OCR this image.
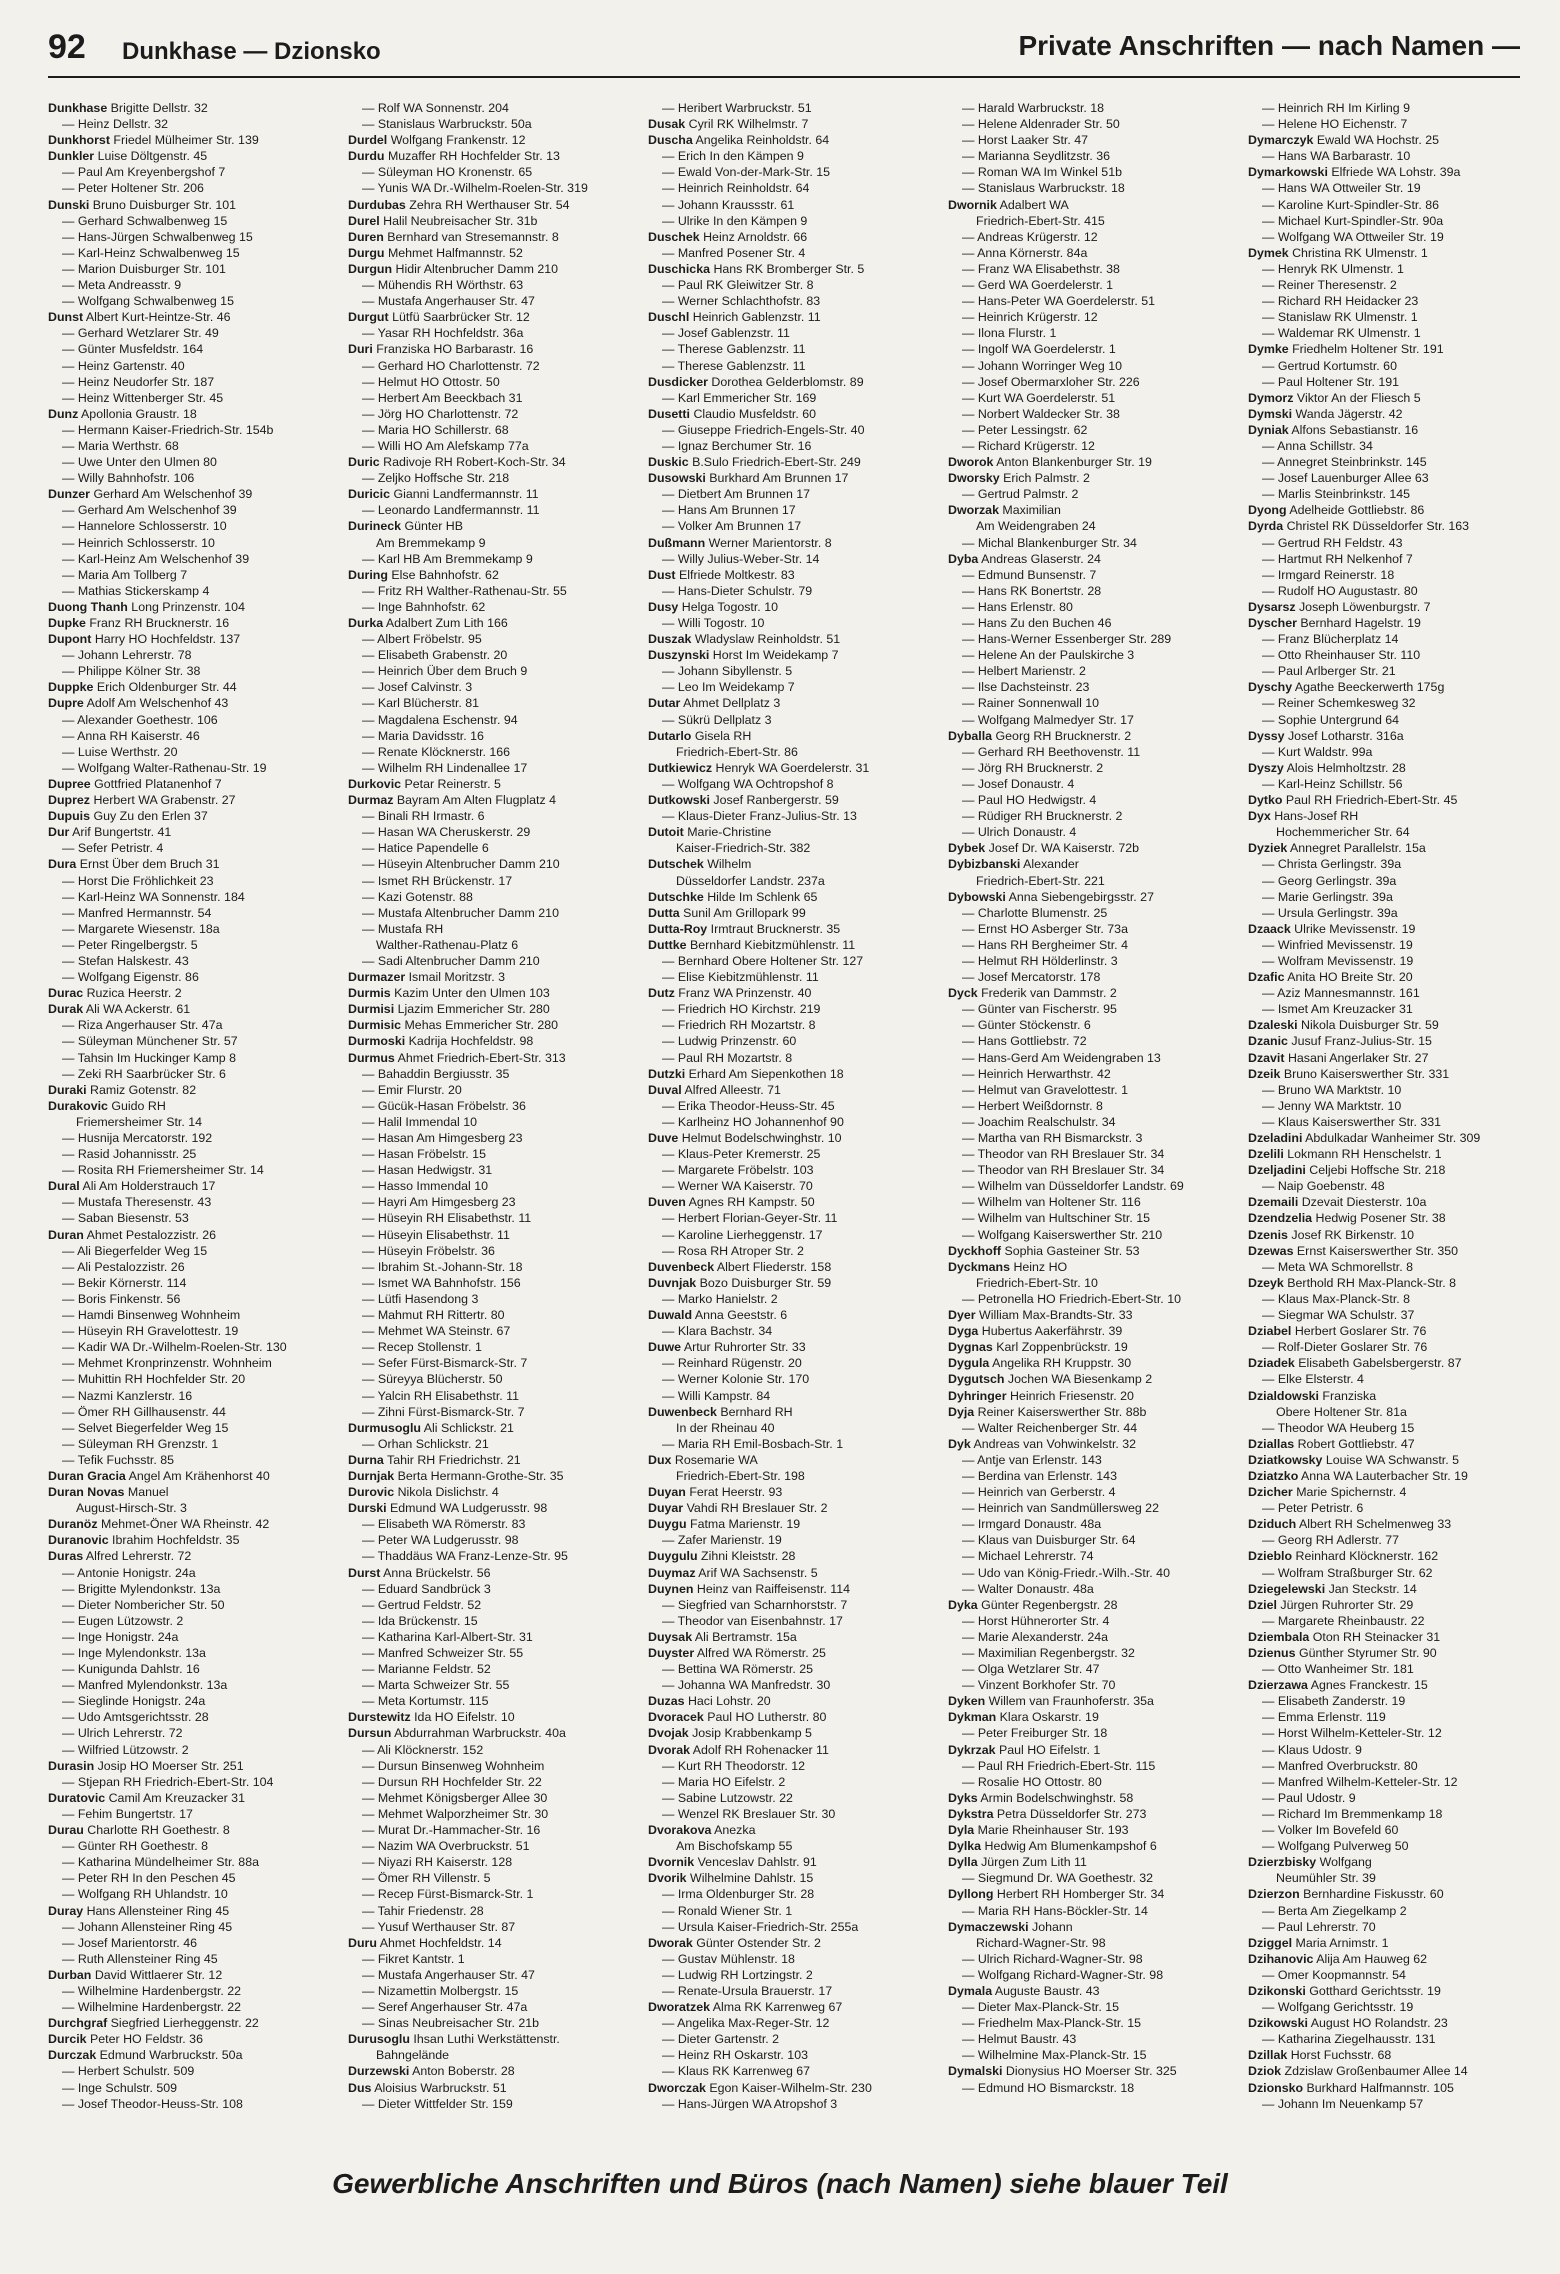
92 Dunkhase — Dzionsko	Private Anschriften — nach Namen —
Dunkhase Brigitte Dellstr. 32
— Heinz Dellstr. 32
Dunkhorst Friedel Mülheimer Str. 139
Dunkler Luise Döltgenstr. 45
— Paul Am Kreyenbergshof 7
— Peter Holtener Str. 206
Dunski Bruno Duisburger Str. 101
— Gerhard Schwalbenweg 15
— Hans-Jürgen Schwalbenweg 15
— Karl-Heinz Schwalbenweg 15
— Marion Duisburger Str. 101
— Meta Andreasstr. 9
— Wolfgang Schwalbenweg 15
Dunst Albert Kurt-Heintze-Str. 46
— Gerhard Wetzlarer Str. 49
— Günter Musfeldstr. 164
— Heinz Gartenstr. 40
— Heinz Neudorfer Str. 187
— Heinz Wittenberger Str. 45
Dunz Apollonia Graustr. 18
— Hermann Kaiser-Friedrich-Str. 154b
— Maria Werthstr. 68
— Uwe Unter den Ulmen 80
— Willy Bahnhofstr. 106
Dunzer Gerhard Am Welschenhof 39
— Gerhard Am Welschenhof 39
— Hannelore Schlosserstr. 10
— Heinrich Schlosserstr. 10
— Karl-Heinz Am Welschenhof 39
— Maria Am Tollberg 7
— Mathias Stickerskamp 4
Duong Thanh Long Prinzenstr. 104
Dupke Franz RH Brucknerstr. 16
Dupont Harry HO Hochfeldstr. 137
— Johann Lehrerstr. 78
— Philippe Kölner Str. 38
Duppke Erich Oldenburger Str. 44
Dupre Adolf Am Welschenhof 43
— Alexander Goethestr. 106
— Anna RH Kaiserstr. 46
— Luise Werthstr. 20
— Wolfgang Walter-Rathenau-Str. 19
Dupree Gottfried Platanenhof 7
Duprez Herbert WA Grabenstr. 27
Dupuis Guy Zu den Erlen 37
Dur Arif Bungertstr. 41
— Sefer Petristr. 4
Dura Ernst Über dem Bruch 31
— Horst Die Fröhlichkeit 23
— Karl-Heinz WA Sonnenstr. 184
— Manfred Hermannstr. 54
— Margarete Wiesenstr. 18a
— Peter Ringelbergstr. 5
— Stefan Halskestr. 43
— Wolfgang Eigenstr. 86
Durac Ruzica Heerstr. 2
Durak Ali WA Ackerstr. 61
— Riza Angerhauser Str. 47a
— Süleyman Münchener Str. 57
— Tahsin Im Huckinger Kamp 8
— Zeki RH Saarbrücker Str. 6
Duraki Ramiz Gotenstr. 82
Durakovic Guido RH
Friemersheimer Str. 14
— Husnija Mercatorstr. 192
— Rasid Johannisstr. 25
— Rosita RH Friemersheimer Str. 14
Dural Ali Am Holderstrauch 17
— Mustafa Theresenstr. 43
— Saban Biesenstr. 53
Duran Ahmet Pestalozzistr. 26
— Ali Biegerfelder Weg 15
— Ali Pestalozzistr. 26
— Bekir Körnerstr. 114
— Boris Finkenstr. 56
— Hamdi Binsenweg Wohnheim
— Hüseyin RH Gravelottestr. 19
— Kadir WA Dr.-Wilhelm-Roelen-Str. 130
— Mehmet Kronprinzenstr. Wohnheim
— Muhittin RH Hochfelder Str. 20
— Nazmi Kanzlerstr. 16
— Ömer RH Gillhausenstr. 44
— Selvet Biegerfelder Weg 15
— Süleyman RH Grenzstr. 1
— Tefik Fuchsstr. 85
Duran Gracia Angel Am Krähenhorst 40
Duran Novas Manuel
August-Hirsch-Str. 3
Duranöz Mehmet-Öner WA Rheinstr. 42
Duranovic Ibrahim Hochfeldstr. 35
Duras Alfred Lehrerstr. 72
— Antonie Honigstr. 24a
— Brigitte Mylendonkstr. 13a
— Dieter Nombericher Str. 50
— Eugen Lützowstr. 2
— Inge Honigstr. 24a
— Inge Mylendonkstr. 13a
— Kunigunda Dahlstr. 16
— Manfred Mylendonkstr. 13a
— Sieglinde Honigstr. 24a
— Udo Amtsgerichtsstr. 28
— Ulrich Lehrerstr. 72
— Wilfried Lützowstr. 2
Durasin Josip HO Moerser Str. 251
— Stjepan RH Friedrich-Ebert-Str. 104
Duratovic Camil Am Kreuzacker 31
— Fehim Bungertstr. 17
Durau Charlotte RH Goethestr. 8
— Günter RH Goethestr. 8
— Katharina Mündelheimer Str. 88a
— Peter RH In den Peschen 45
— Wolfgang RH Uhlandstr. 10
Duray Hans Allensteiner Ring 45
— Johann Allensteiner Ring 45
— Josef Marientorstr. 46
— Ruth Allensteiner Ring 45
Durban David Wittlaerer Str. 12
— Wilhelmine Hardenbergstr. 22
— Wilhelmine Hardenbergstr. 22
Durchgraf Siegfried Lierheggenstr. 22
Durcik Peter HO Feldstr. 36
Durczak Edmund Warbruckstr. 50a
— Herbert Schulstr. 509
— Inge Schulstr. 509
— Josef Theodor-Heuss-Str. 108
— Rolf WA Sonnenstr. 204
— Stanislaus Warbruckstr. 50a
Durdel Wolfgang Frankenstr. 12
Durdu Muzaffer RH Hochfelder Str. 13
— Süleyman HO Kronenstr. 65
— Yunis WA Dr.-Wilhelm-Roelen-Str. 319
Durdubas Zehra RH Werthauser Str. 54
Durel Halil Neubreisacher Str. 31b
Duren Bernhard van Stresemannstr. 8
Durgu Mehmet Halfmannstr. 52
Durgun Hidir Altenbrucher Damm 210
— Mühendis RH Wörthstr. 63
— Mustafa Angerhauser Str. 47
Durgut Lütfü Saarbrücker Str. 12
— Yasar RH Hochfeldstr. 36a
Duri Franziska HO Barbarastr. 16
— Gerhard HO Charlottenstr. 72
— Helmut HO Ottostr. 50
— Herbert Am Beeckbach 31
— Jörg HO Charlottenstr. 72
— Maria HO Schillerstr. 68
— Willi HO Am Alefskamp 77a
Duric Radivoje RH Robert-Koch-Str. 34
— Zeljko Hoffsche Str. 218
Duricic Gianni Landfermannstr. 11
— Leonardo Landfermannstr. 11
Durineck Günter HB
Am Bremmekamp 9
— Karl HB Am Bremmekamp 9
During Else Bahnhofstr. 62
— Fritz RH Walther-Rathenau-Str. 55
— Inge Bahnhofstr. 62
Durka Adalbert Zum Lith 166
— Albert Fröbelstr. 95
— Elisabeth Grabenstr. 20
— Heinrich Über dem Bruch 9
— Josef Calvinstr. 3
— Karl Blücherstr. 81
— Magdalena Eschenstr. 94
— Maria Davidsstr. 16
— Renate Klöcknerstr. 166
— Wilhelm RH Lindenallee 17
Durkovic Petar Reinerstr. 5
Durmaz Bayram Am Alten Flugplatz 4
— Binali RH Irmastr. 6
— Hasan WA Cheruskerstr. 29
— Hatice Papendelle 6
— Hüseyin Altenbrucher Damm 210
— Ismet RH Brückenstr. 17
— Kazi Gotenstr. 88
— Mustafa Altenbrucher Damm 210
— Mustafa RH
Walther-Rathenau-Platz 6
— Sadi Altenbrucher Damm 210
Durmazer Ismail Moritzstr. 3
Durmis Kazim Unter den Ulmen 103
Durmisi Ljazim Emmericher Str. 280
Durmisic Mehas Emmericher Str. 280
Durmoski Kadrija Hochfeldstr. 98
Durmus Ahmet Friedrich-Ebert-Str. 313
— Bahaddin Bergiusstr. 35
— Emir Flurstr. 20
— Gücük-Hasan Fröbelstr. 36
— Halil Immendal 10
— Hasan Am Himgesberg 23
— Hasan Fröbelstr. 15
— Hasan Hedwigstr. 31
— Hasso Immendal 10
— Hayri Am Himgesberg 23
— Hüseyin RH Elisabethstr. 11
— Hüseyin Elisabethstr. 11
— Hüseyin Fröbelstr. 36
— Ibrahim St.-Johann-Str. 18
— Ismet WA Bahnhofstr. 156
— Lütfi Hasendong 3
— Mahmut RH Rittertr. 80
— Mehmet WA Steinstr. 67
— Recep Stollenstr. 1
— Sefer Fürst-Bismarck-Str. 7
— Süreyya Blücherstr. 50
— Yalcin RH Elisabethstr. 11
— Zihni Fürst-Bismarck-Str. 7
Durmusoglu Ali Schlickstr. 21
— Orhan Schlickstr. 21
Durna Tahir RH Friedrichstr. 21
Durnjak Berta Hermann-Grothe-Str. 35
Durovic Nikola Dislichstr. 4
Durski Edmund WA Ludgerusstr. 98
— Elisabeth WA Römerstr. 83
— Peter WA Ludgerusstr. 98
— Thaddäus WA Franz-Lenze-Str. 95
Durst Anna Brückelstr. 56
— Eduard Sandbrück 3
— Gertrud Feldstr. 52
— Ida Brückenstr. 15
— Katharina Karl-Albert-Str. 31
— Manfred Schweizer Str. 55
— Marianne Feldstr. 52
— Marta Schweizer Str. 55
— Meta Kortumstr. 115
Durstewitz Ida HO Eifelstr. 10
Dursun Abdurrahman Warbruckstr. 40a
— Ali Klöcknerstr. 152
— Dursun Binsenweg Wohnheim
— Dursun RH Hochfelder Str. 22
— Mehmet Königsberger Allee 30
— Mehmet Walporzheimer Str. 30
— Murat Dr.-Hammacher-Str. 16
— Nazim WA Overbruckstr. 51
— Niyazi RH Kaiserstr. 128
— Ömer RH Villenstr. 5
— Recep Fürst-Bismarck-Str. 1
— Tahir Friedenstr. 28
— Yusuf Werthauser Str. 87
Duru Ahmet Hochfeldstr. 14
— Fikret Kantstr. 1
— Mustafa Angerhauser Str. 47
— Nizamettin Molbergstr. 15
— Seref Angerhauser Str. 47a
— Sinas Neubreisacher Str. 21b
Durusoglu Ihsan Luthi Werkstättenstr.
Bahngelände
Durzewski Anton Boberstr. 28
Dus Aloisius Warbruckstr. 51
— Dieter Wittfelder Str. 159
— Heribert Warbruckstr. 51
Dusak Cyril RK Wilhelmstr. 7
Duscha Angelika Reinholdstr. 64
— Erich In den Kämpen 9
— Ewald Von-der-Mark-Str. 15
— Heinrich Reinholdstr. 64
— Johann Kraussstr. 61
— Ulrike In den Kämpen 9
Duschek Heinz Arnoldstr. 66
— Manfred Posener Str. 4
Duschicka Hans RK Bromberger Str. 5
— Paul RK Gleiwitzer Str. 8
— Werner Schlachthofstr. 83
Duschl Heinrich Gablenzstr. 11
— Josef Gablenzstr. 11
— Therese Gablenzstr. 11
— Therese Gablenzstr. 11
Dusdicker Dorothea Gelderblomstr. 89
— Karl Emmericher Str. 169
Dusetti Claudio Musfeldstr. 60
— Giuseppe Friedrich-Engels-Str. 40
— Ignaz Berchumer Str. 16
Duskic B.Sulo Friedrich-Ebert-Str. 249
Dusowski Burkhard Am Brunnen 17
— Dietbert Am Brunnen 17
— Hans Am Brunnen 17
— Volker Am Brunnen 17
Dußmann Werner Marientorstr. 8
— Willy Julius-Weber-Str. 14
Dust Elfriede Moltkestr. 83
— Hans-Dieter Schulstr. 79
Dusy Helga Togostr. 10
— Willi Togostr. 10
Duszak Wladyslaw Reinholdstr. 51
Duszynski Horst Im Weidekamp 7
— Johann Sibyllenstr. 5
— Leo Im Weidekamp 7
Dutar Ahmet Dellplatz 3
— Sükrü Dellplatz 3
Dutarlo Gisela RH
Friedrich-Ebert-Str. 86
Dutkiewicz Henryk WA Goerdelerstr. 31
— Wolfgang WA Ochtropshof 8
Dutkowski Josef Ranbergerstr. 59
— Klaus-Dieter Franz-Julius-Str. 13
Dutoit Marie-Christine
Kaiser-Friedrich-Str. 382
Dutschek Wilhelm
Düsseldorfer Landstr. 237a
Dutschke Hilde Im Schlenk 65
Dutta Sunil Am Grillopark 99
Dutta-Roy Irmtraut Brucknerstr. 35
Duttke Bernhard Kiebitzmühlenstr. 11
— Bernhard Obere Holtener Str. 127
— Elise Kiebitzmühlenstr. 11
Dutz Franz WA Prinzenstr. 40
— Friedrich HO Kirchstr. 219
— Friedrich RH Mozartstr. 8
— Ludwig Prinzenstr. 60
— Paul RH Mozartstr. 8
Dutzki Erhard Am Siepenkothen 18
Duval Alfred Alleestr. 71
— Erika Theodor-Heuss-Str. 45
— Karlheinz HO Johannenhof 90
Duve Helmut Bodelschwinghstr. 10
— Klaus-Peter Kremerstr. 25
— Margarete Fröbelstr. 103
— Werner WA Kaiserstr. 70
Duven Agnes RH Kampstr. 50
— Herbert Florian-Geyer-Str. 11
— Karoline Lierheggenstr. 17
— Rosa RH Atroper Str. 2
Duvenbeck Albert Fliederstr. 158
Duvnjak Bozo Duisburger Str. 59
— Marko Hanielstr. 2
Duwald Anna Geeststr. 6
— Klara Bachstr. 34
Duwe Artur Ruhrorter Str. 33
— Reinhard Rügenstr. 20
— Werner Kolonie Str. 170
— Willi Kampstr. 84
Duwenbeck Bernhard RH
In der Rheinau 40
— Maria RH Emil-Bosbach-Str. 1
Dux Rosemarie WA
Friedrich-Ebert-Str. 198
Duyan Ferat Heerstr. 93
Duyar Vahdi RH Breslauer Str. 2
Duygu Fatma Marienstr. 19
— Zafer Marienstr. 19
Duygulu Zihni Kleiststr. 28
Duymaz Arif WA Sachsenstr. 5
Duynen Heinz van Raiffeisenstr. 114
— Siegfried van Scharnhorststr. 7
— Theodor van Eisenbahnstr. 17
Duysak Ali Bertramstr. 15a
Duyster Alfred WA Römerstr. 25
— Bettina WA Römerstr. 25
— Johanna WA Manfredstr. 30
Duzas Haci Lohstr. 20
Dvoracek Paul HO Lutherstr. 80
Dvojak Josip Krabbenkamp 5
Dvorak Adolf RH Rohenacker 11
— Kurt RH Theodorstr. 12
— Maria HO Eifelstr. 2
— Sabine Lutzowstr. 22
— Wenzel RK Breslauer Str. 30
Dvorakova Anezka
Am Bischofskamp 55
Dvornik Venceslav Dahlstr. 91
Dvorik Wilhelmine Dahlstr. 15
— Irma Oldenburger Str. 28
— Ronald Wiener Str. 1
— Ursula Kaiser-Friedrich-Str. 255a
Dworak Günter Ostender Str. 2
— Gustav Mühlenstr. 18
— Ludwig RH Lortzingstr. 2
— Renate-Ursula Brauerstr. 17
Dworatzek Alma RK Karrenweg 67
— Angelika Max-Reger-Str. 12
— Dieter Gartenstr. 2
— Heinz RH Oskarstr. 103
— Klaus RK Karrenweg 67
Dworczak Egon Kaiser-Wilhelm-Str. 230
— Hans-Jürgen WA Atropshof 3
— Harald Warbruckstr. 18
— Helene Aldenrader Str. 50
— Horst Laaker Str. 47
— Marianna Seydlitzstr. 36
— Roman WA Im Winkel 51b
— Stanislaus Warbruckstr. 18
Dwornik Adalbert WA
Friedrich-Ebert-Str. 415
— Andreas Krügerstr. 12
— Anna Körnerstr. 84a
— Franz WA Elisabethstr. 38
— Gerd WA Goerdelerstr. 1
— Hans-Peter WA Goerdelerstr. 51
— Heinrich Krügerstr. 12
— Ilona Flurstr. 1
— Ingolf WA Goerdelerstr. 1
— Johann Worringer Weg 10
— Josef Obermarxloher Str. 226
— Kurt WA Goerdelerstr. 51
— Norbert Waldecker Str. 38
— Peter Lessingstr. 62
— Richard Krügerstr. 12
Dworok Anton Blankenburger Str. 19
Dworsky Erich Palmstr. 2
— Gertrud Palmstr. 2
Dworzak Maximilian
Am Weidengraben 24
— Michal Blankenburger Str. 34
Dyba Andreas Glaserstr. 24
— Edmund Bunsenstr. 7
— Hans RK Bonertstr. 28
— Hans Erlenstr. 80
— Hans Zu den Buchen 46
— Hans-Werner Essenberger Str. 289
— Helene An der Paulskirche 3
— Helbert Marienstr. 2
— Ilse Dachsteinstr. 23
— Rainer Sonnenwall 10
— Wolfgang Malmedyer Str. 17
Dyballa Georg RH Brucknerstr. 2
— Gerhard RH Beethovenstr. 11
— Jörg RH Brucknerstr. 2
— Josef Donaustr. 4
— Paul HO Hedwigstr. 4
— Rüdiger RH Brucknerstr. 2
— Ulrich Donaustr. 4
Dybek Josef Dr. WA Kaiserstr. 72b
Dybizbanski Alexander
Friedrich-Ebert-Str. 221
Dybowski Anna Siebengebirgsstr. 27
— Charlotte Blumenstr. 25
— Ernst HO Asberger Str. 73a
— Hans RH Bergheimer Str. 4
— Helmut RH Hölderlinstr. 3
— Josef Mercatorstr. 178
Dyck Frederik van Dammstr. 2
— Günter van Fischerstr. 95
— Günter Stöckenstr. 6
— Hans Gottliebstr. 72
— Hans-Gerd Am Weidengraben 13
— Heinrich Herwarthstr. 42
— Helmut van Gravelottestr. 1
— Herbert Weißdornstr. 8
— Joachim Realschulstr. 34
— Martha van RH Bismarckstr. 3
— Theodor van RH Breslauer Str. 34
— Theodor van RH Breslauer Str. 34
— Wilhelm van Düsseldorfer Landstr. 69
— Wilhelm van Holtener Str. 116
— Wilhelm van Hultschiner Str. 15
— Wolfgang Kaiserswerther Str. 210
Dyckhoff Sophia Gasteiner Str. 53
Dyckmans Heinz HO
Friedrich-Ebert-Str. 10
— Petronella HO Friedrich-Ebert-Str. 10
Dyer William Max-Brandts-Str. 33
Dyga Hubertus Aakerfährstr. 39
Dygnas Karl Zoppenbrückstr. 19
Dygula Angelika RH Kruppstr. 30
Dygutsch Jochen WA Biesenkamp 2
Dyhringer Heinrich Friesenstr. 20
Dyja Reiner Kaiserswerther Str. 88b
— Walter Reichenberger Str. 44
Dyk Andreas van Vohwinkelstr. 32
— Antje van Erlenstr. 143
— Berdina van Erlenstr. 143
— Heinrich van Gerberstr. 4
— Heinrich van Sandmüllersweg 22
— Irmgard Donaustr. 48a
— Klaus van Duisburger Str. 64
— Michael Lehrerstr. 74
— Udo van König-Friedr.-Wilh.-Str. 40
— Walter Donaustr. 48a
Dyka Günter Regenbergstr. 28
— Horst Hühnerorter Str. 4
— Marie Alexanderstr. 24a
— Maximilian Regenbergstr. 32
— Olga Wetzlarer Str. 47
— Vinzent Borkhofer Str. 70
Dyken Willem van Fraunhoferstr. 35a
Dykman Klara Oskarstr. 19
— Peter Freiburger Str. 18
Dykrzak Paul HO Eifelstr. 1
— Paul RH Friedrich-Ebert-Str. 115
— Rosalie HO Ottostr. 80
Dyks Armin Bodelschwinghstr. 58
Dykstra Petra Düsseldorfer Str. 273
Dyla Marie Rheinhauser Str. 193
Dylka Hedwig Am Blumenkampshof 6
Dylla Jürgen Zum Lith 11
— Siegmund Dr. WA Goethestr. 32
Dyllong Herbert RH Homberger Str. 34
— Maria RH Hans-Böckler-Str. 14
Dymaczewski Johann
Richard-Wagner-Str. 98
— Ulrich Richard-Wagner-Str. 98
— Wolfgang Richard-Wagner-Str. 98
Dymala Auguste Baustr. 43
— Dieter Max-Planck-Str. 15
— Friedhelm Max-Planck-Str. 15
— Helmut Baustr. 43
— Wilhelmine Max-Planck-Str. 15
Dymalski Dionysius HO Moerser Str. 325
— Edmund HO Bismarckstr. 18
— Heinrich RH Im Kirling 9
— Helene HO Eichenstr. 7
Dymarczyk Ewald WA Hochstr. 25
— Hans WA Barbarastr. 10
Dymarkowski Elfriede WA Lohstr. 39a
— Hans WA Ottweiler Str. 19
— Karoline Kurt-Spindler-Str. 86
— Michael Kurt-Spindler-Str. 90a
— Wolfgang WA Ottweiler Str. 19
Dymek Christina RK Ulmenstr. 1
— Henryk RK Ulmenstr. 1
— Reiner Theresenstr. 2
— Richard RH Heidacker 23
— Stanislaw RK Ulmenstr. 1
— Waldemar RK Ulmenstr. 1
Dymke Friedhelm Holtener Str. 191
— Gertrud Kortumstr. 60
— Paul Holtener Str. 191
Dymorz Viktor An der Fliesch 5
Dymski Wanda Jägerstr. 42
Dyniak Alfons Sebastianstr. 16
— Anna Schillstr. 34
— Annegret Steinbrinkstr. 145
— Josef Lauenburger Allee 63
— Marlis Steinbrinkstr. 145
Dyong Adelheide Gottliebstr. 86
Dyrda Christel RK Düsseldorfer Str. 163
— Gertrud RH Feldstr. 43
— Hartmut RH Nelkenhof 7
— Irmgard Reinerstr. 18
— Rudolf HO Augustastr. 80
Dysarsz Joseph Löwenburgstr. 7
Dyscher Bernhard Hagelstr. 19
— Franz Blücherplatz 14
— Otto Rheinhauser Str. 110
— Paul Arlberger Str. 21
Dyschy Agathe Beeckerwerth 175g
— Reiner Schemkesweg 32
— Sophie Untergrund 64
Dyssy Josef Lotharstr. 316a
— Kurt Waldstr. 99a
Dyszy Alois Helmholtzstr. 28
— Karl-Heinz Schillstr. 56
Dytko Paul RH Friedrich-Ebert-Str. 45
Dyx Hans-Josef RH
Hochemmericher Str. 64
Dyziek Annegret Parallelstr. 15a
— Christa Gerlingstr. 39a
— Georg Gerlingstr. 39a
— Marie Gerlingstr. 39a
— Ursula Gerlingstr. 39a
Dzaack Ulrike Mevissenstr. 19
— Winfried Mevissenstr. 19
— Wolfram Mevissenstr. 19
Dzafic Anita HO Breite Str. 20
— Aziz Mannesmannstr. 161
— Ismet Am Kreuzacker 31
Dzaleski Nikola Duisburger Str. 59
Dzanic Jusuf Franz-Julius-Str. 15
Dzavit Hasani Angerlaker Str. 27
Dzeik Bruno Kaiserswerther Str. 331
— Bruno WA Marktstr. 10
— Jenny WA Marktstr. 10
— Klaus Kaiserswerther Str. 331
Dzeladini Abdulkadar Wanheimer Str. 309
Dzelili Lokmann RH Henschelstr. 1
Dzeljadini Celjebi Hoffsche Str. 218
— Naip Goebenstr. 48
Dzemaili Dzevait Diesterstr. 10a
Dzendzelia Hedwig Posener Str. 38
Dzenis Josef RK Birkenstr. 10
Dzewas Ernst Kaiserswerther Str. 350
— Meta WA Schmorellstr. 8
Dzeyk Berthold RH Max-Planck-Str. 8
— Klaus Max-Planck-Str. 8
— Siegmar WA Schulstr. 37
Dziabel Herbert Goslarer Str. 76
— Rolf-Dieter Goslarer Str. 76
Dziadek Elisabeth Gabelsbergerstr. 87
— Elke Elsterstr. 4
Dzialdowski Franziska
Obere Holtener Str. 81a
— Theodor WA Heuberg 15
Dziallas Robert Gottliebstr. 47
Dziatkowsky Louise WA Schwanstr. 5
Dziatzko Anna WA Lauterbacher Str. 19
Dzicher Marie Spichernstr. 4
— Peter Petristr. 6
Dziduch Albert RH Schelmenweg 33
— Georg RH Adlerstr. 77
Dzieblo Reinhard Klöcknerstr. 162
— Wolfram Straßburger Str. 62
Dziegelewski Jan Steckstr. 14
Dziel Jürgen Ruhrorter Str. 29
— Margarete Rheinbaustr. 22
Dziembala Oton RH Steinacker 31
Dzienus Günther Styrumer Str. 90
— Otto Wanheimer Str. 181
Dzierzawa Agnes Franckestr. 15
— Elisabeth Zanderstr. 19
— Emma Erlenstr. 119
— Horst Wilhelm-Ketteler-Str. 12
— Klaus Udostr. 9
— Manfred Overbruckstr. 80
— Manfred Wilhelm-Ketteler-Str. 12
— Paul Udostr. 9
— Richard Im Bremmenkamp 18
— Volker Im Bovefeld 60
— Wolfgang Pulverweg 50
Dzierzbisky Wolfgang
Neumühler Str. 39
Dzierzon Bernhardine Fiskusstr. 60
— Berta Am Ziegelkamp 2
— Paul Lehrerstr. 70
Dziggel Maria Arnimstr. 1
Dzihanovic Alija Am Hauweg 62
— Omer Koopmannstr. 54
Dzikonski Gotthard Gerichtsstr. 19
— Wolfgang Gerichtsstr. 19
Dzikowski August HO Rolandstr. 23
— Katharina Ziegelhausstr. 131
Dzillak Horst Fuchsstr. 68
Dziok Zdzislaw Großenbaumer Allee 14
Dzionsko Burkhard Halfmannstr. 105
— Johann Im Neuenkamp 57
Gewerbliche Anschriften und Büros (nach Namen) siehe blauer Teil
